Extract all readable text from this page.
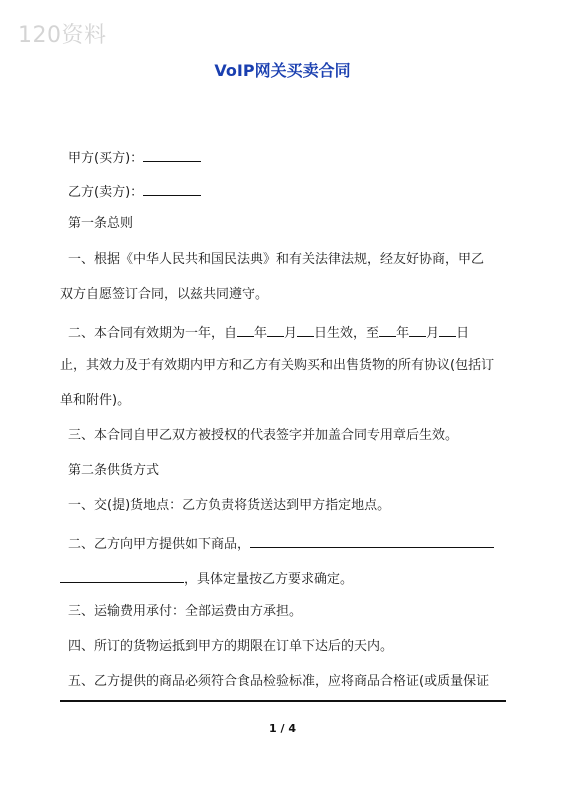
120资料
VoIP网关买卖合同
甲方(买方)：
乙方(卖方)：
第一条总则
一、根据《中华人民共和国民法典》和有关法律法规，经友好协商，甲乙
双方自愿签订合同，以兹共同遵守。
二、本合同有效期为一年，自 年 月 日生效，至 年 月 日
止，其效力及于有效期内甲方和乙方有关购买和出售货物的所有协议(包括订
单和附件)。
三、本合同自甲乙双方被授权的代表签字并加盖合同专用章后生效。
第二条供货方式
一、交(提)货地点：乙方负责将货送达到甲方指定地点。
二、乙方向甲方提供如下商品，
，具体定量按乙方要求确定。
三、运输费用承付：全部运费由方承担。
四、所订的货物运抵到甲方的期限在订单下达后的天内。
五、乙方提供的商品必须符合食品检验标准，应将商品合格证(或质量保证
1 / 4
